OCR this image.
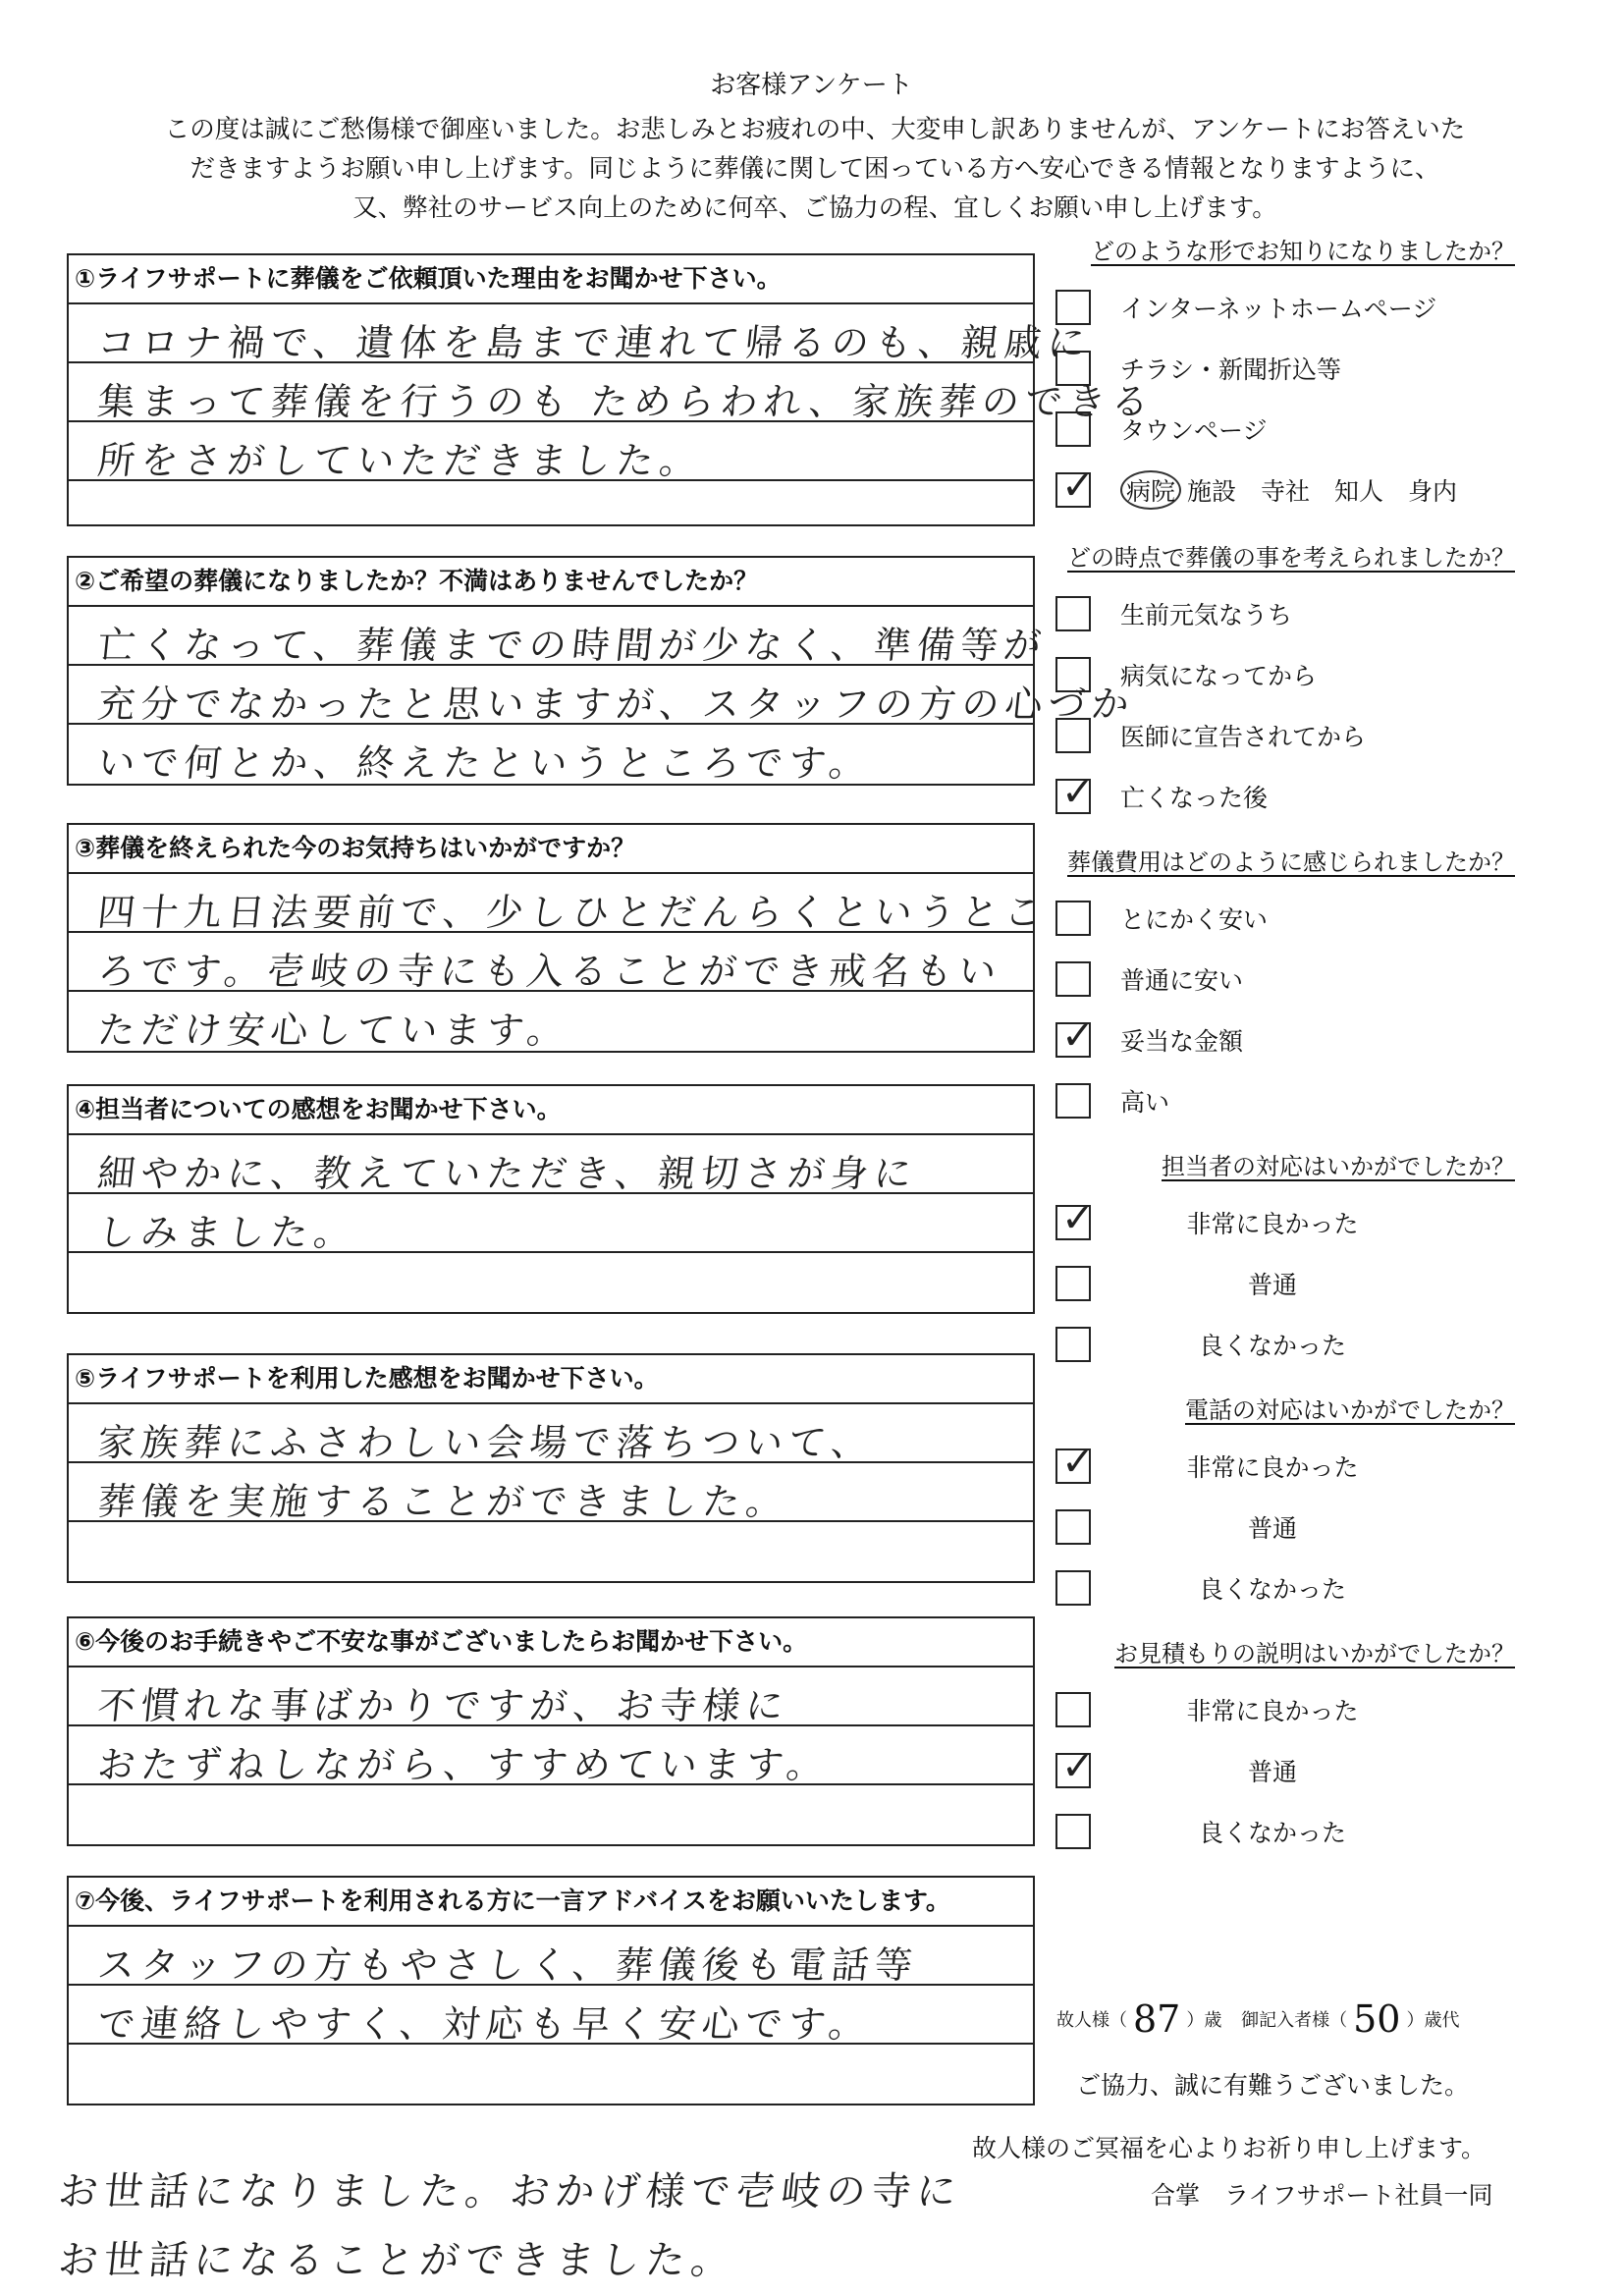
お客様アンケート
この度は誠にご愁傷様で御座いました。お悲しみとお疲れの中、大変申し訳ありませんが、アンケートにお答えいた
だきますようお願い申し上げます。同じように葬儀に関して困っている方へ安心できる情報となりますように、
又、弊社のサービス向上のために何卒、ご協力の程、宜しくお願い申し上げます。
①ライフサポートに葬儀をご依頼頂いた理由をお聞かせ下さい。
コロナ禍で、遺体を島まで連れて帰るのも、親戚に
集まって葬儀を行うのも ためらわれ、家族葬のできる
所をさがしていただきました。
②ご希望の葬儀になりましたか？不満はありませんでしたか？
亡くなって、葬儀までの時間が少なく、準備等が
充分でなかったと思いますが、スタッフの方の心づか
いで何とか、終えたというところです。
③葬儀を終えられた今のお気持ちはいかがですか？
四十九日法要前で、少しひとだんらくというとこ
ろです。壱岐の寺にも入ることができ戒名もい
ただけ安心しています。
④担当者についての感想をお聞かせ下さい。
細やかに、教えていただき、親切さが身に
しみました。
⑤ライフサポートを利用した感想をお聞かせ下さい。
家族葬にふさわしい会場で落ちついて、
葬儀を実施することができました。
⑥今後のお手続きやご不安な事がございましたらお聞かせ下さい。
不慣れな事ばかりですが、お寺様に
おたずねしながら、すすめています。
⑦今後、ライフサポートを利用される方に一言アドバイスをお願いいたします。
スタッフの方もやさしく、葬儀後も電話等
で連絡しやすく、対応も早く安心です。
どのような形でお知りになりましたか？
インターネットホームページ
チラシ・新聞折込等
タウンページ
✓ 病院 施設　寺社　知人　身内
どの時点で葬儀の事を考えられましたか？
生前元気なうち
病気になってから
医師に宣告されてから
✓ 亡くなった後
葬儀費用はどのように感じられましたか？
とにかく安い
普通に安い
✓ 妥当な金額
高い
担当者の対応はいかがでしたか？
✓	非常に良かった
普通
良くなかった
電話の対応はいかがでしたか？
✓	非常に良かった
普通
良くなかった
お見積もりの説明はいかがでしたか？
非常に良かった
✓	普通
良くなかった
故人様（ 87 ）歳 御記入者様（ 50 ）歳代
ご協力、誠に有難うございました。
故人様のご冥福を心よりお祈り申し上げます。
合掌　ライフサポート社員一同
お世話になりました。おかげ様で壱岐の寺に
お世話になることができました。
